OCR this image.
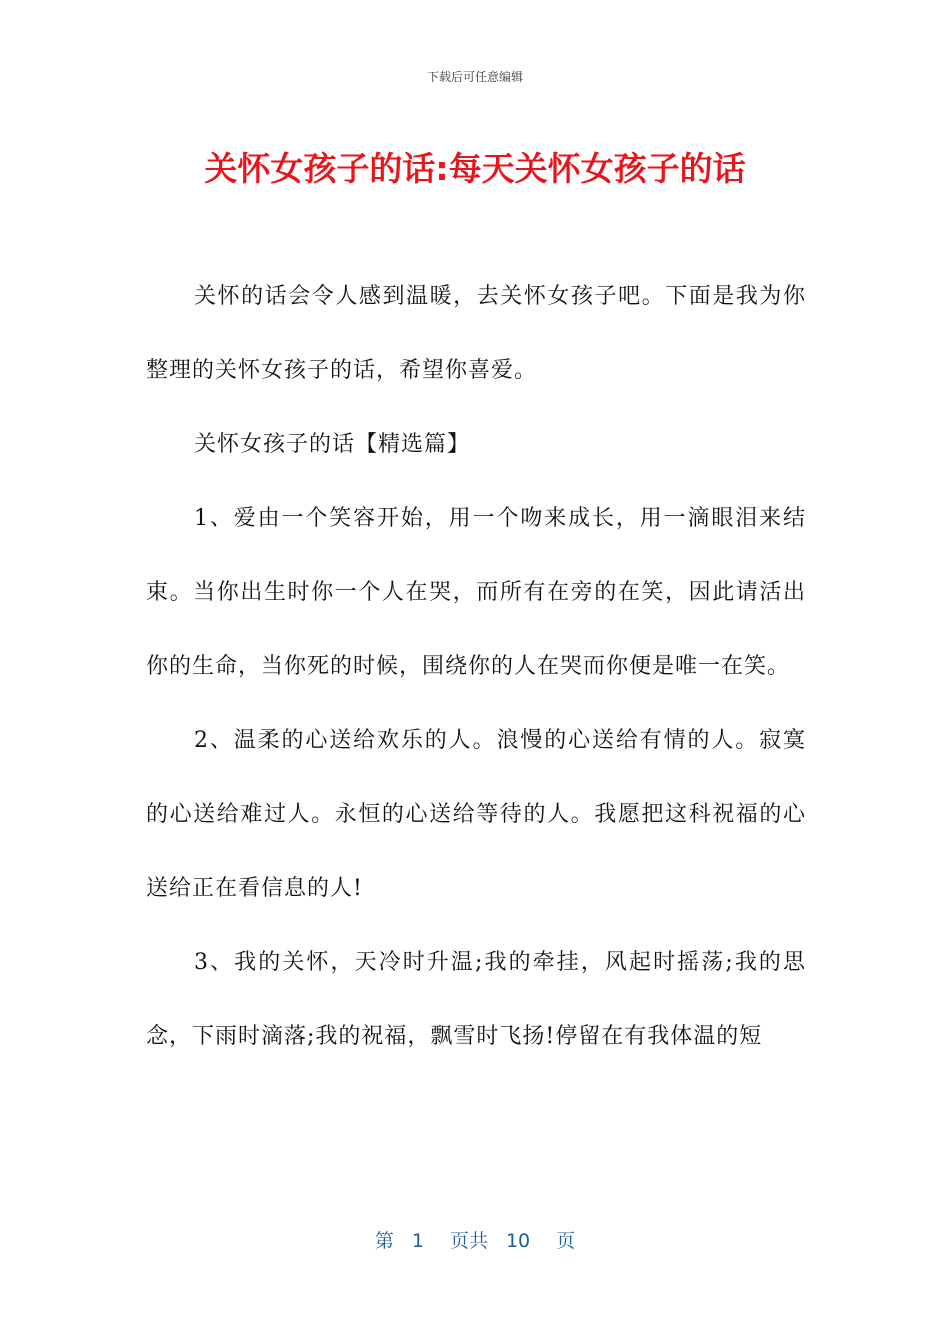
下载后可任意编辑
关怀女孩子的话:每天关怀女孩子的话

关怀的话会令人感到温暖，去关怀女孩子吧。下面是我为你整理的关怀女孩子的话，希望你喜爱。

关怀女孩子的话【精选篇】

1、爱由一个笑容开始，用一个吻来成长，用一滴眼泪来结束。当你出生时你一个人在哭，而所有在旁的在笑，因此请活出你的生命，当你死的时候，围绕你的人在哭而你便是唯一在笑。

2、温柔的心送给欢乐的人。浪慢的心送给有情的人。寂寞的心送给难过人。永恒的心送给等待的人。我愿把这科祝福的心送给正在看信息的人!

3、我的关怀，天冷时升温;我的牵挂，风起时摇荡;我的思念，下雨时滴落;我的祝福，飘雪时飞扬!停留在有我体温的短

第 1 页共 10 页
